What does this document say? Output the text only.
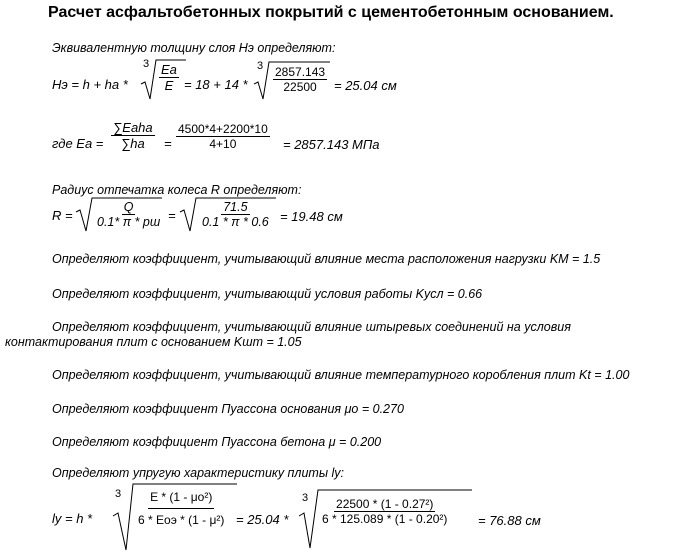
Расчет асфальтобетонных покрытий с цементобетонным основанием.
Эквивалентную толщину слоя Hэ определяют:
Hэ = h + ha *
$3 \frac{Ea}{E} = 18 + 14$ *
$3 \frac{2857.143}{22500} = 25.04$ см
где $Ea = \frac{\text{∑Eaha}}{\sum ha} = \frac{4500*4+2200*10}{4+10} = 2857.143$ МПа
Радиус отпечатка колеса R определяют:
$R = \frac{Q}{0.1* \pi * pш} = \frac{71.5}{0.1 * \pi * 0.6} = 19.48$ см
Определяют коэффициент, учитывающий влияние места расположения нагрузки KM = 1.5
Определяют коэффициент, учитывающий условия работы Kусл = 0.66
Определяют коэффициент, учитывающий влияние штыревых соединений на условия
контактирования плит с основанием Kшт = 1.05
Определяют коэффициент, учитывающий влияние температурного коробления плит Kt = 1.00
Определяют коэффициент Пуассона основания μo = 0.270
Определяют коэффициент Пуассона бетона μ = 0.200
Определяют упругую характеристику плиты ly:
ly = h *
$3 \frac{\text{E * (1 - μo²)}}{\text{6 * Eoэ * (1 - μ²)}} = 25.04$ *
$3 \frac{\text{22500 * (1 - 0.27²)}}{\text{6 * 125.089 * (1 - 0.20²)}} = 76.88$ см
